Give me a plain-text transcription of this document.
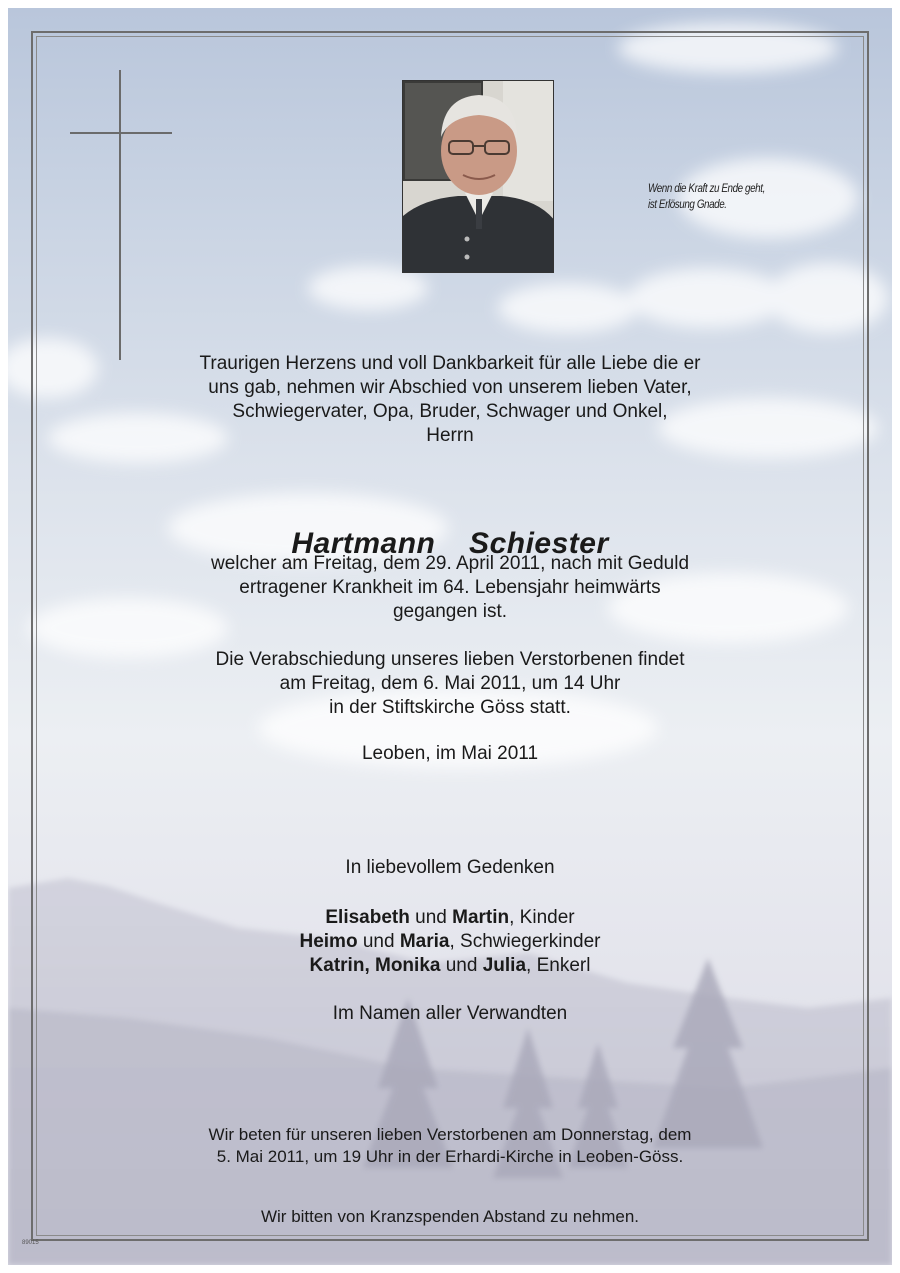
Wenn die Kraft zu Ende geht,
ist Erlösung Gnade.
Traurigen Herzens und voll Dankbarkeit für alle Liebe die er
uns gab, nehmen wir Abschied von unserem lieben Vater,
Schwiegervater, Opa, Bruder, Schwager und Onkel,
Herrn

Hartmann  Schiester

welcher am Freitag, dem 29. April 2011, nach mit Geduld
ertragener Krankheit im 64. Lebensjahr heimwärts
gegangen ist.
Die Verabschiedung unseres lieben Verstorbenen findet
am Freitag, dem 6. Mai 2011, um 14 Uhr
in der Stiftskirche Göss statt.
Leoben, im Mai 2011
In liebevollem Gedenken
Elisabeth und Martin, Kinder
Heimo und Maria, Schwiegerkinder
Katrin, Monika und Julia, Enkerl
Im Namen aller Verwandten
Wir beten für unseren lieben Verstorbenen am Donnerstag, dem
5. Mai 2011, um 19 Uhr in der Erhardi-Kirche in Leoben-Göss.
Wir bitten von Kranzspenden Abstand zu nehmen.
89015
